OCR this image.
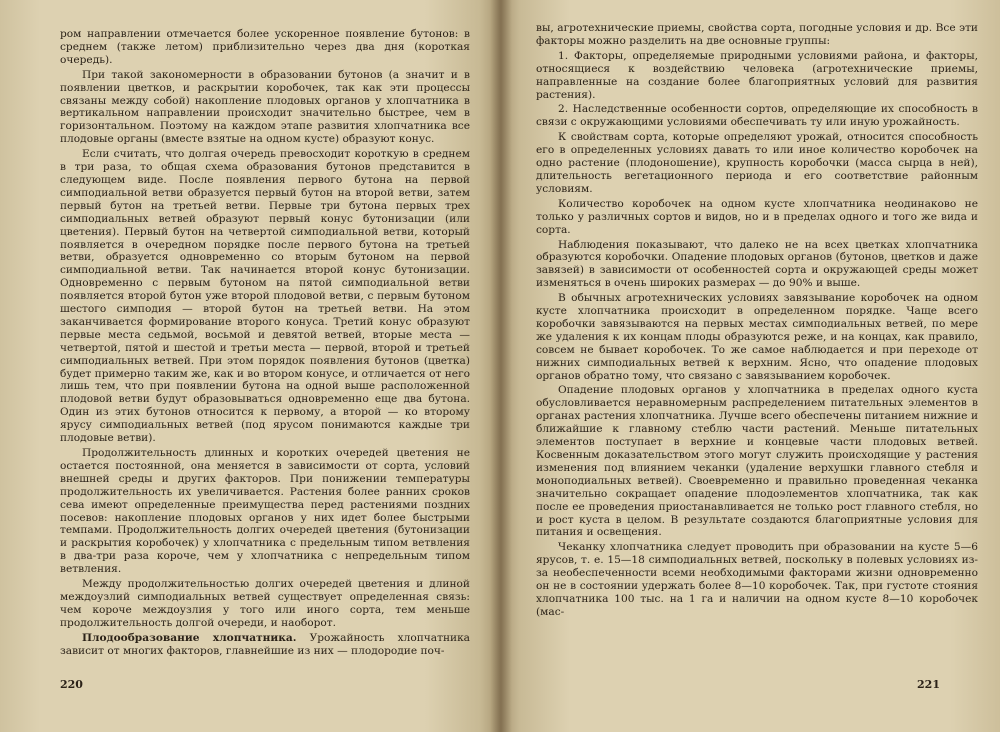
ром направлении отмечается более ускоренное появление бутонов: в среднем (также летом) приблизительно через два дня (короткая очередь).

При такой закономерности в образовании бутонов (а значит и в появлении цветков, и раскрытии коробочек, так как эти процессы связаны между собой) накопление плодовых органов у хлопчатника в вертикальном направлении происходит значительно быстрее, чем в горизонтальном. Поэтому на каждом этапе развития хлопчатника все плодовые органы (вместе взятые на одном кусте) образуют конус.

Если считать, что долгая очередь превосходит короткую в среднем в три раза, то общая схема образования бутонов представится в следующем виде. После появления первого бутона на первой симподиальной ветви образуется первый бутон на второй ветви, затем первый бутон на третьей ветви. Первые три бутона первых трех симподиальных ветвей образуют первый конус бутонизации (или цветения). Первый бутон на четвертой симподиальной ветви, который появляется в очередном порядке после первого бутона на третьей ветви, образуется одновременно со вторым бутоном на первой симподиальной ветви. Так начинается второй конус бутонизации. Одновременно с первым бутоном на пятой симподиальной ветви появляется второй бутон уже второй плодовой ветви, с первым бутоном шестого симподия — второй бутон на третьей ветви. На этом заканчивается формирование второго конуса. Третий конус образуют первые места седьмой, восьмой и девятой ветвей, вторые места — четвертой, пятой и шестой и третьи места — первой, второй и третьей симподиальных ветвей. При этом порядок появления бутонов (цветка) будет примерно таким же, как и во втором конусе, и отличается от него лишь тем, что при появлении бутона на одной выше расположенной плодовой ветви будут образовываться одновременно еще два бутона. Один из этих бутонов относится к первому, а второй — ко второму ярусу симподиальных ветвей (под ярусом понимаются каждые три плодовые ветви).

Продолжительность длинных и коротких очередей цветения не остается постоянной, она меняется в зависимости от сорта, условий внешней среды и других факторов. При понижении температуры продолжительность их увеличивается. Растения более ранних сроков сева имеют определенные преимущества перед растениями поздних посевов: накопление плодовых органов у них идет более быстрыми темпами. Продолжительность долгих очередей цветения (бутонизации и раскрытия коробочек) у хлопчатника с предельным типом ветвления в два-три раза короче, чем у хлопчатника с непредельным типом ветвления.

Между продолжительностью долгих очередей цветения и длиной междоузлий симподиальных ветвей существует определенная связь: чем короче междоузлия у того или иного сорта, тем меньше продолжительность долгой очереди, и наоборот.

Плодообразование хлопчатника. Урожайность хлопчатника зависит от многих факторов, главнейшие из них — плодородие поч-

220

вы, агротехнические приемы, свойства сорта, погодные условия и др. Все эти факторы можно разделить на две основные группы:

1. Факторы, определяемые природными условиями района, и факторы, относящиеся к воздействию человека (агротехнические приемы, направленные на создание более благоприятных условий для развития растения).

2. Наследственные особенности сортов, определяющие их способность в связи с окружающими условиями обеспечивать ту или иную урожайность.

К свойствам сорта, которые определяют урожай, относится способность его в определенных условиях давать то или иное количество коробочек на одно растение (плодоношение), крупность коробочки (масса сырца в ней), длительность вегетационного периода и его соответствие районным условиям.

Количество коробочек на одном кусте хлопчатника неодинаково не только у различных сортов и видов, но и в пределах одного и того же вида и сорта.

Наблюдения показывают, что далеко не на всех цветках хлопчатника образуются коробочки. Опадение плодовых органов (бутонов, цветков и даже завязей) в зависимости от особенностей сорта и окружающей среды может изменяться в очень широких размерах — до 90% и выше.

В обычных агротехнических условиях завязывание коробочек на одном кусте хлопчатника происходит в определенном порядке. Чаще всего коробочки завязываются на первых местах симподиальных ветвей, по мере же удаления к их концам плоды образуются реже, и на концах, как правило, совсем не бывает коробочек. То же самое наблюдается и при переходе от нижних симподиальных ветвей к верхним. Ясно, что опадение плодовых органов обратно тому, что связано с завязыванием коробочек.

Опадение плодовых органов у хлопчатника в пределах одного куста обусловливается неравномерным распределением питательных элементов в органах растения хлопчатника. Лучше всего обеспечены питанием нижние и ближайшие к главному стеблю части растений. Меньше питательных элементов поступает в верхние и концевые части плодовых ветвей. Косвенным доказательством этого могут служить происходящие у растения изменения под влиянием чеканки (удаление верхушки главного стебля и моноподиальных ветвей). Своевременно и правильно проведенная чеканка значительно сокращает опадение плодоэлементов хлопчатника, так как после ее проведения приостанавливается не только рост главного стебля, но и рост куста в целом. В результате создаются благоприятные условия для питания и освещения.

Чеканку хлопчатника следует проводить при образовании на кусте 5—6 ярусов, т. е. 15—18 симподиальных ветвей, поскольку в полевых условиях из-за необеспеченности всеми необходимыми факторами жизни одновременно он не в состоянии удержать более 8—10 коробочек. Так, при густоте стояния хлопчатника 100 тыс. на 1 га и наличии на одном кусте 8—10 коробочек (мас-

221
